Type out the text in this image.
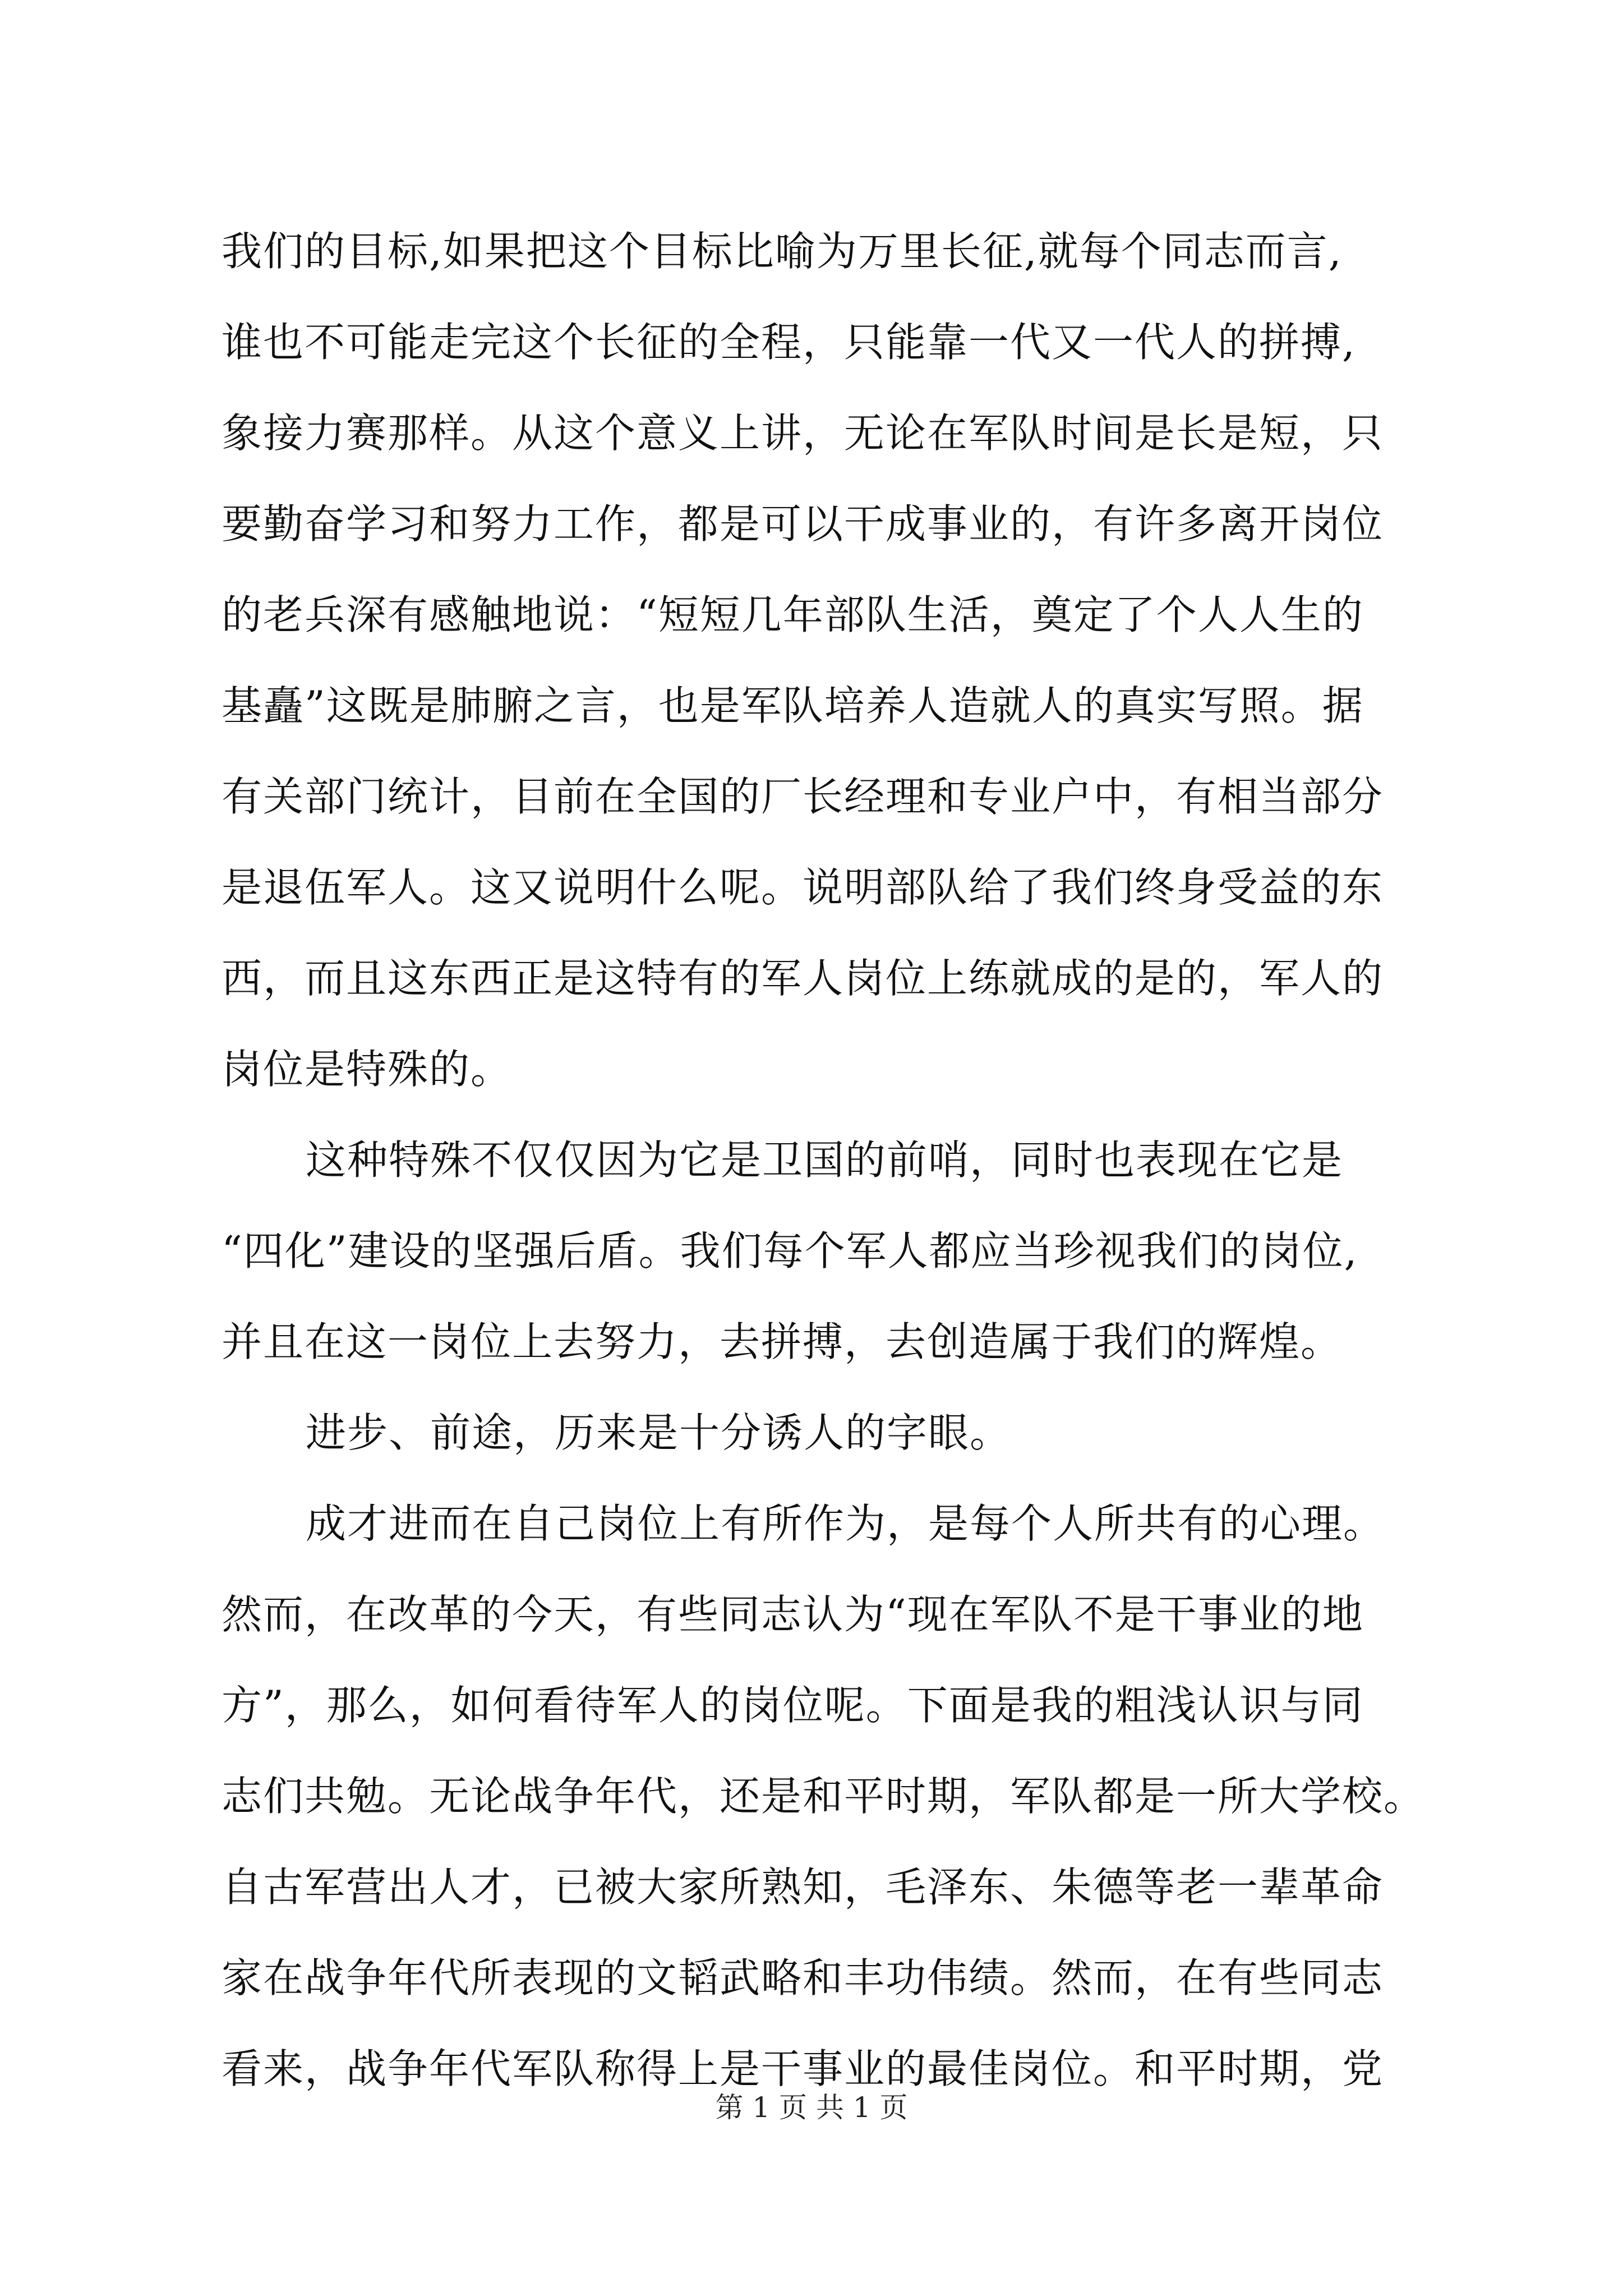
我们的目标,如果把这个目标比喻为万里长征,就每个同志而言,
谁也不可能走完这个长征的全程，只能靠一代又一代人的拼搏,
象接力赛那样。从这个意义上讲，无论在军队时间是长是短，只
要勤奋学习和努力工作，都是可以干成事业的，有许多离开岗位
的老兵深有感触地说：“短短几年部队生活，奠定了个人人生的
基矗”这既是肺腑之言，也是军队培养人造就人的真实写照。据
有关部门统计，目前在全国的厂长经理和专业户中，有相当部分
是退伍军人。这又说明什么呢。说明部队给了我们终身受益的东
西，而且这东西正是这特有的军人岗位上练就成的是的，军人的
岗位是特殊的。
这种特殊不仅仅因为它是卫国的前哨，同时也表现在它是
“四化”建设的坚强后盾。我们每个军人都应当珍视我们的岗位,
并且在这一岗位上去努力，去拼搏，去创造属于我们的辉煌。
进步、前途，历来是十分诱人的字眼。
成才进而在自己岗位上有所作为，是每个人所共有的心理。
然而，在改革的今天，有些同志认为“现在军队不是干事业的地
方”，那么，如何看待军人的岗位呢。下面是我的粗浅认识与同
志们共勉。无论战争年代，还是和平时期，军队都是一所大学校。
自古军营出人才，已被大家所熟知，毛泽东、朱德等老一辈革命
家在战争年代所表现的文韬武略和丰功伟绩。然而，在有些同志
看来，战争年代军队称得上是干事业的最佳岗位。和平时期，党
第 1 页 共 1 页
